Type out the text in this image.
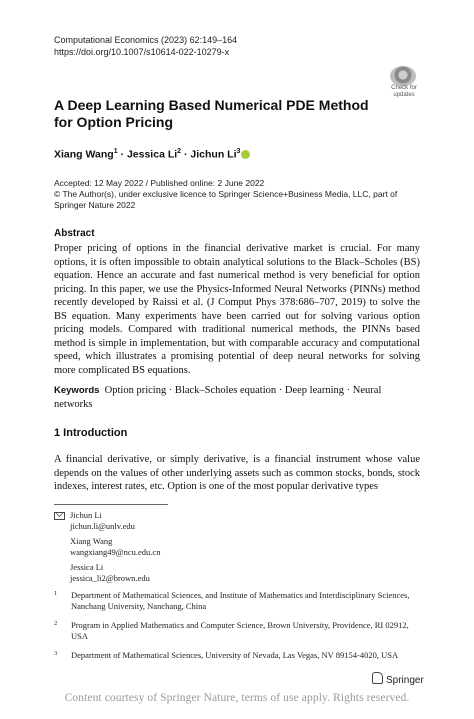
Computational Economics (2023) 62:149–164
https://doi.org/10.1007/s10614-022-10279-x
Check for
updates
A Deep Learning Based Numerical PDE Method for Option Pricing
Xiang Wang$^1$ · Jessica $Li^2$ · Jichun Li$^3$
Accepted: 12 May 2022 / Published online: 2 June 2022
© The Author(s), under exclusive licence to Springer Science+Business Media, LLC, part of Springer Nature 2022
Abstract
Proper pricing of options in the financial derivative market is crucial. For many options, it is often impossible to obtain analytical solutions to the Black–Scholes (BS) equation. Hence an accurate and fast numerical method is very beneficial for option pricing. In this paper, we use the Physics-Informed Neural Networks (PINNs) method recently developed by Raissi et al. (J Comput Phys 378:686–707, 2019) to solve the BS equation. Many experiments have been carried out for solving various option pricing models. Compared with traditional numerical methods, the PINNs based method is simple in implementation, but with comparable accuracy and computational speed, which illustrates a promising potential of deep neural networks for solving more complicated BS equations.
Keywords Option pricing · Black–Scholes equation · Deep learning · Neural networks
1 Introduction
A financial derivative, or simply derivative, is a financial instrument whose value depends on the values of other underlying assets such as common stocks, bonds, stock indexes, interest rates, etc. Option is one of the most popular derivative types
Jichun Li
jichun.li@unlv.edu
Xiang Wang
wangxiang49@ncu.edu.cn
Jessica Li
jessica_li2@brown.edu
1 Department of Mathematical Sciences, and Institute of Mathematics and Interdisciplinary Sciences, Nanchang University, Nanchang, China
2 Program in Applied Mathematics and Computer Science, Brown University, Providence, RI 02912, USA
3 Department of Mathematical Sciences, University of Nevada, Las Vegas, NV 89154-4020, USA
Springer
Content courtesy of Springer Nature, terms of use apply. Rights reserved.
